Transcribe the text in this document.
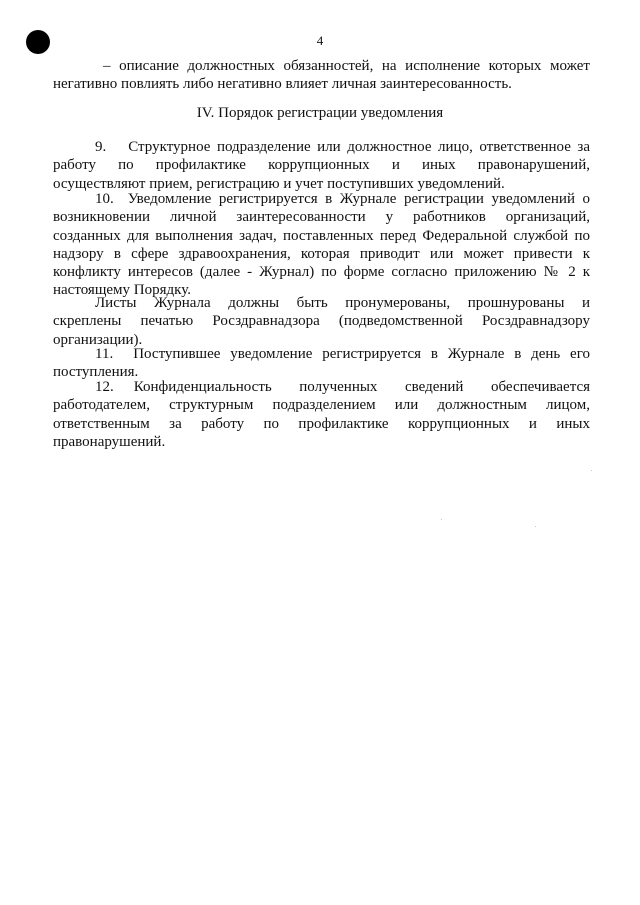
4
– описание должностных обязанностей, на исполнение которых может
негативно повлиять либо негативно влияет личная заинтересованность.
IV. Порядок регистрации уведомления
9. Структурное подразделение или должностное лицо, ответственное за
работу по профилактике коррупционных и иных правонарушений,
осуществляют прием, регистрацию и учет поступивших уведомлений.
10. Уведомление регистрируется в Журнале регистрации уведомлений о
возникновении личной заинтересованности у работников организаций,
созданных для выполнения задач, поставленных перед Федеральной службой по
надзору в сфере здравоохранения, которая приводит или может привести к
конфликту интересов (далее - Журнал) по форме согласно приложению № 2 к
настоящему Порядку.
Листы Журнала должны быть пронумерованы, прошнурованы и
скреплены печатью Росздравнадзора (подведомственной Росздравнадзору
организации).
11. Поступившее уведомление регистрируется в Журнале в день его
поступления.
12. Конфиденциальность полученных сведений обеспечивается
работодателем, структурным подразделением или должностным лицом,
ответственным за работу по профилактике коррупционных и иных
правонарушений.
